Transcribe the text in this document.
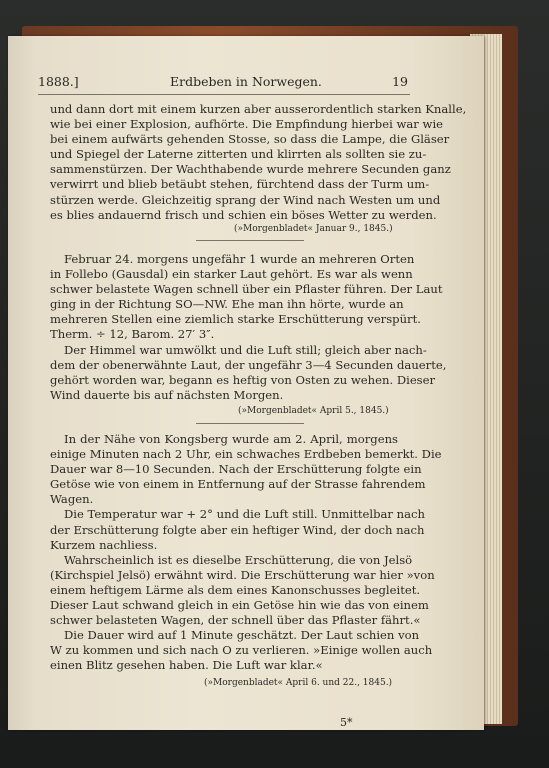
1888.]	Erdbeben in Norwegen.	19
und dann dort mit einem kurzen aber ausserordentlich starken Knalle,
wie bei einer Explosion, aufhörte. Die Empfindung hierbei war wie
bei einem aufwärts gehenden Stosse, so dass die Lampe, die Gläser
und Spiegel der Laterne zitterten und klirrten als sollten sie zu-
sammenstürzen. Der Wachthabende wurde mehrere Secunden ganz
verwirrt und blieb betäubt stehen, fürchtend dass der Turm um-
stürzen werde. Gleichzeitig sprang der Wind nach Westen um und
es blies andauernd frisch und schien ein böses Wetter zu werden.
(»Morgenbladet« Januar 9., 1845.)
Februar 24. morgens ungefähr 1 wurde an mehreren Orten
in Follebo (Gausdal) ein starker Laut gehört. Es war als wenn
schwer belastete Wagen schnell über ein Pflaster führen. Der Laut
ging in der Richtung SO—NW. Ehe man ihn hörte, wurde an
mehreren Stellen eine ziemlich starke Erschütterung verspürt.
Therm. ÷ 12, Barom. 27′ 3″.
Der Himmel war umwölkt und die Luft still; gleich aber nach-
dem der obenerwähnte Laut, der ungefähr 3—4 Secunden dauerte,
gehört worden war, begann es heftig von Osten zu wehen. Dieser
Wind dauerte bis auf nächsten Morgen.
(»Morgenbladet« April 5., 1845.)
In der Nähe von Kongsberg wurde am 2. April, morgens
einige Minuten nach 2 Uhr, ein schwaches Erdbeben bemerkt. Die
Dauer war 8—10 Secunden. Nach der Erschütterung folgte ein
Getöse wie von einem in Entfernung auf der Strasse fahrendem
Wagen.
Die Temperatur war + 2° und die Luft still. Unmittelbar nach
der Erschütterung folgte aber ein heftiger Wind, der doch nach
Kurzem nachliess.
Wahrscheinlich ist es dieselbe Erschütterung, die von Jelsö
(Kirchspiel Jelsö) erwähnt wird. Die Erschütterung war hier »von
einem heftigem Lärme als dem eines Kanonschusses begleitet.
Dieser Laut schwand gleich in ein Getöse hin wie das von einem
schwer belasteten Wagen, der schnell über das Pflaster fährt.«
Die Dauer wird auf 1 Minute geschätzt. Der Laut schien von
W zu kommen und sich nach O zu verlieren. »Einige wollen auch
einen Blitz gesehen haben. Die Luft war klar.«
(»Morgenbladet« April 6. und 22., 1845.)
5*
